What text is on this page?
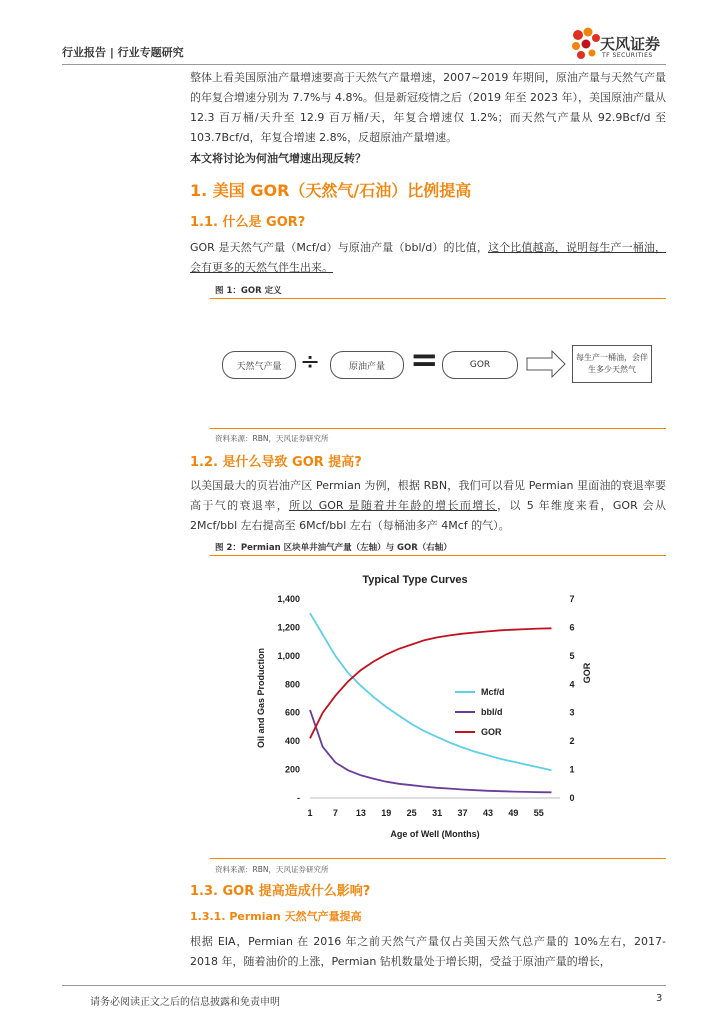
行业报告 | 行业专题研究	天风证券
TF SECURITIES
整体上看美国原油产量增速要高于天然气产量增速，2007~2019 年期间，原油产量与天然气产量的年复合增速分别为 7.7%与 4.8%。但是新冠疫情之后（2019 年至 2023 年），美国原油产量从 12.3 百万桶/天升至 12.9 百万桶/天，年复合增速仅 1.2%；而天然气产量从 92.9Bcf/d 至 103.7Bcf/d，年复合增速 2.8%，反超原油产量增速。
本文将讨论为何油气增速出现反转？
1. 美国 GOR（天然气/石油）比例提高
1.1. 什么是 GOR?
GOR 是天然气产量（Mcf/d）与原油产量（bbl/d）的比值，这个比值越高，说明每生产一桶油，会有更多的天然气伴生出来。
图 1：GOR 定义
天然气产量 ÷	原油产量 =	GOR
每生产一桶油，会伴生多少天然气
资料来源：RBN，天风证券研究所
1.2. 是什么导致 GOR 提高?
以美国最大的页岩油产区 Permian 为例，根据 RBN，我们可以看见 Permian 里面油的衰退率要高于气的衰退率，所以 GOR 是随着井年龄的增长而增长，以 5 年维度来看，GOR 会从 2Mcf/bbl 左右提高至 6Mcf/bbl 左右（每桶油多产 4Mcf 的气）。
图 2：Permian 区块单井油气产量（左轴）与 GOR（右轴）
Typical Type Curves
-
200
400
600
800
1,000
1,200
1,400
0
1
2
3
4
5
6
7
1 7 13 19 25 31 37 43 49 55
Oil and Gas Production	GOR
Age of Well (Months)
Mcf/d
bbl/d
GOR
资料来源：RBN，天风证券研究所
1.3. GOR 提高造成什么影响?
1.3.1. Permian 天然气产量提高
根据 EIA，Permian 在 2016 年之前天然气产量仅占美国天然气总产量的 10%左右，2017-2018 年，随着油价的上涨，Permian 钻机数量处于增长期，受益于原油产量的增长，
请务必阅读正文之后的信息披露和免责申明	3
